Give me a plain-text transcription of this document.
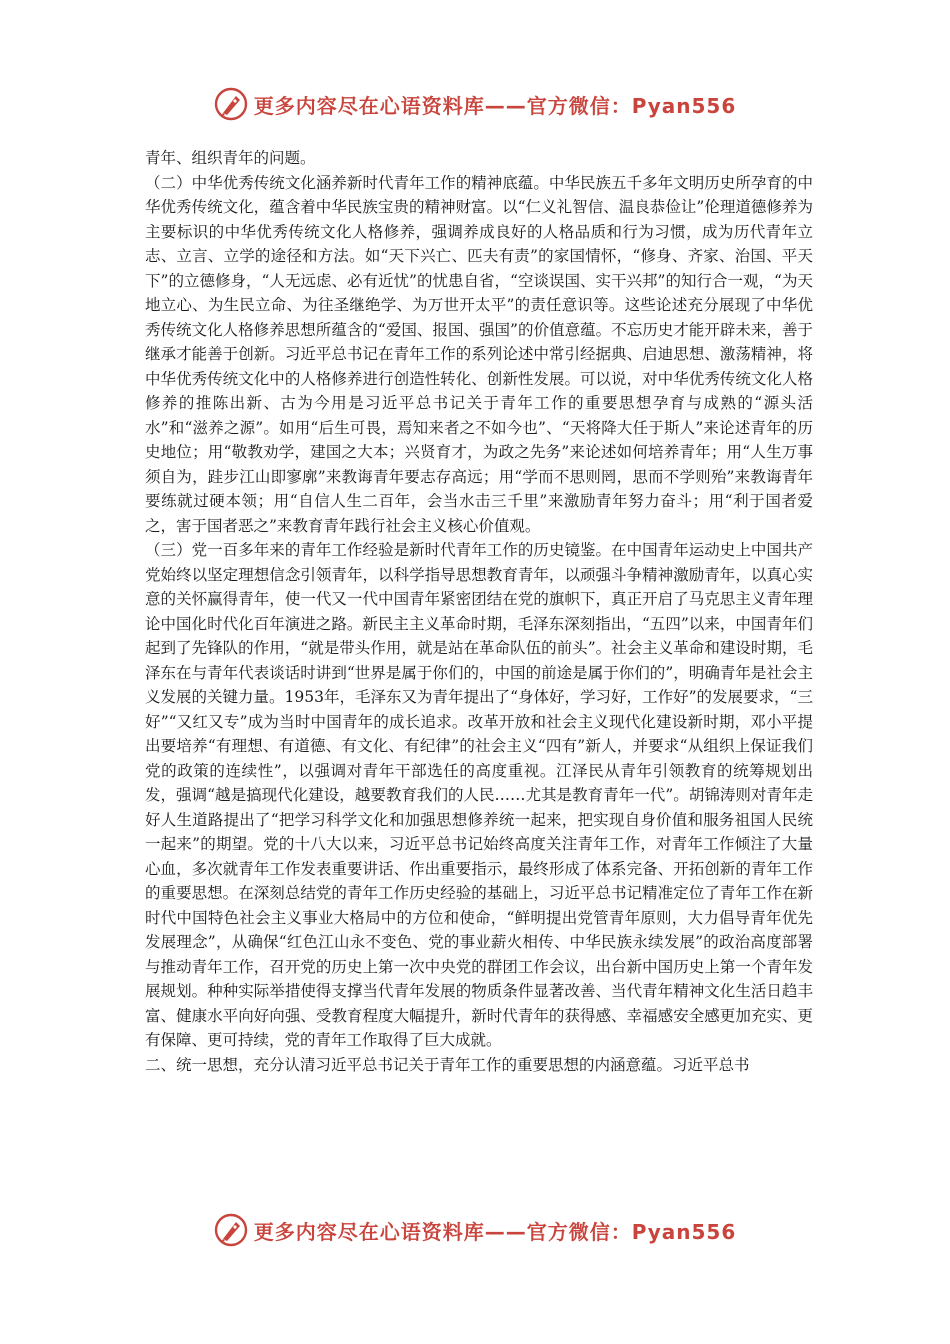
更多内容尽在心语资料库——官方微信：Pyan556

青年、组织青年的问题。

（二）中华优秀传统文化涵养新时代青年工作的精神底蕴。中华民族五千多年文明历史所孕育的中华优秀传统文化，蕴含着中华民族宝贵的精神财富。以“仁义礼智信、温良恭俭让”伦理道德修养为主要标识的中华优秀传统文化人格修养，强调养成良好的人格品质和行为习惯，成为历代青年立志、立言、立学的途径和方法。如“天下兴亡、匹夫有责”的家国情怀，“修身、齐家、治国、平天下”的立德修身，“人无远虑、必有近忧”的忧患自省，“空谈误国、实干兴邦”的知行合一观，“为天地立心、为生民立命、为往圣继绝学、为万世开太平”的责任意识等。这些论述充分展现了中华优秀传统文化人格修养思想所蕴含的“爱国、报国、强国”的价值意蕴。不忘历史才能开辟未来，善于继承才能善于创新。习近平总书记在青年工作的系列论述中常引经据典、启迪思想、激荡精神，将中华优秀传统文化中的人格修养进行创造性转化、创新性发展。可以说，对中华优秀传统文化人格修养的推陈出新、古为今用是习近平总书记关于青年工作的重要思想孕育与成熟的“源头活水”和“滋养之源”。如用“后生可畏，焉知来者之不如今也”、“天将降大任于斯人”来论述青年的历史地位；用“敬教劝学，建国之大本；兴贤育才，为政之先务”来论述如何培养青年；用“人生万事须自为，跬步江山即寥廓”来教诲青年要志存高远；用“学而不思则罔，思而不学则殆”来教诲青年要练就过硬本领；用“自信人生二百年，会当水击三千里”来激励青年努力奋斗；用“利于国者爱之，害于国者恶之”来教育青年践行社会主义核心价值观。

（三）党一百多年来的青年工作经验是新时代青年工作的历史镜鉴。在中国青年运动史上中国共产党始终以坚定理想信念引领青年，以科学指导思想教育青年，以顽强斗争精神激励青年，以真心实意的关怀赢得青年，使一代又一代中国青年紧密团结在党的旗帜下，真正开启了马克思主义青年理论中国化时代化百年演进之路。新民主主义革命时期，毛泽东深刻指出，“五四”以来，中国青年们起到了先锋队的作用，“就是带头作用，就是站在革命队伍的前头”。社会主义革命和建设时期，毛泽东在与青年代表谈话时讲到“世界是属于你们的，中国的前途是属于你们的”，明确青年是社会主义发展的关键力量。1953年，毛泽东又为青年提出了“身体好，学习好，工作好”的发展要求，“三好”“又红又专”成为当时中国青年的成长追求。改革开放和社会主义现代化建设新时期，邓小平提出要培养“有理想、有道德、有文化、有纪律”的社会主义“四有”新人，并要求“从组织上保证我们党的政策的连续性”，以强调对青年干部选任的高度重视。江泽民从青年引领教育的统筹规划出发，强调“越是搞现代化建设，越要教育我们的人民……尤其是教育青年一代”。胡锦涛则对青年走好人生道路提出了“把学习科学文化和加强思想修养统一起来，把实现自身价值和服务祖国人民统一起来”的期望。党的十八大以来，习近平总书记始终高度关注青年工作，对青年工作倾注了大量心血，多次就青年工作发表重要讲话、作出重要指示，最终形成了体系完备、开拓创新的青年工作的重要思想。在深刻总结党的青年工作历史经验的基础上，习近平总书记精准定位了青年工作在新时代中国特色社会主义事业大格局中的方位和使命，“鲜明提出党管青年原则，大力倡导青年优先发展理念”，从确保“红色江山永不变色、党的事业薪火相传、中华民族永续发展”的政治高度部署与推动青年工作，召开党的历史上第一次中央党的群团工作会议，出台新中国历史上第一个青年发展规划。种种实际举措使得支撑当代青年发展的物质条件显著改善、当代青年精神文化生活日趋丰富、健康水平向好向强、受教育程度大幅提升，新时代青年的获得感、幸福感安全感更加充实、更有保障、更可持续，党的青年工作取得了巨大成就。

二、统一思想，充分认清习近平总书记关于青年工作的重要思想的内涵意蕴。习近平总书

更多内容尽在心语资料库——官方微信：Pyan556
